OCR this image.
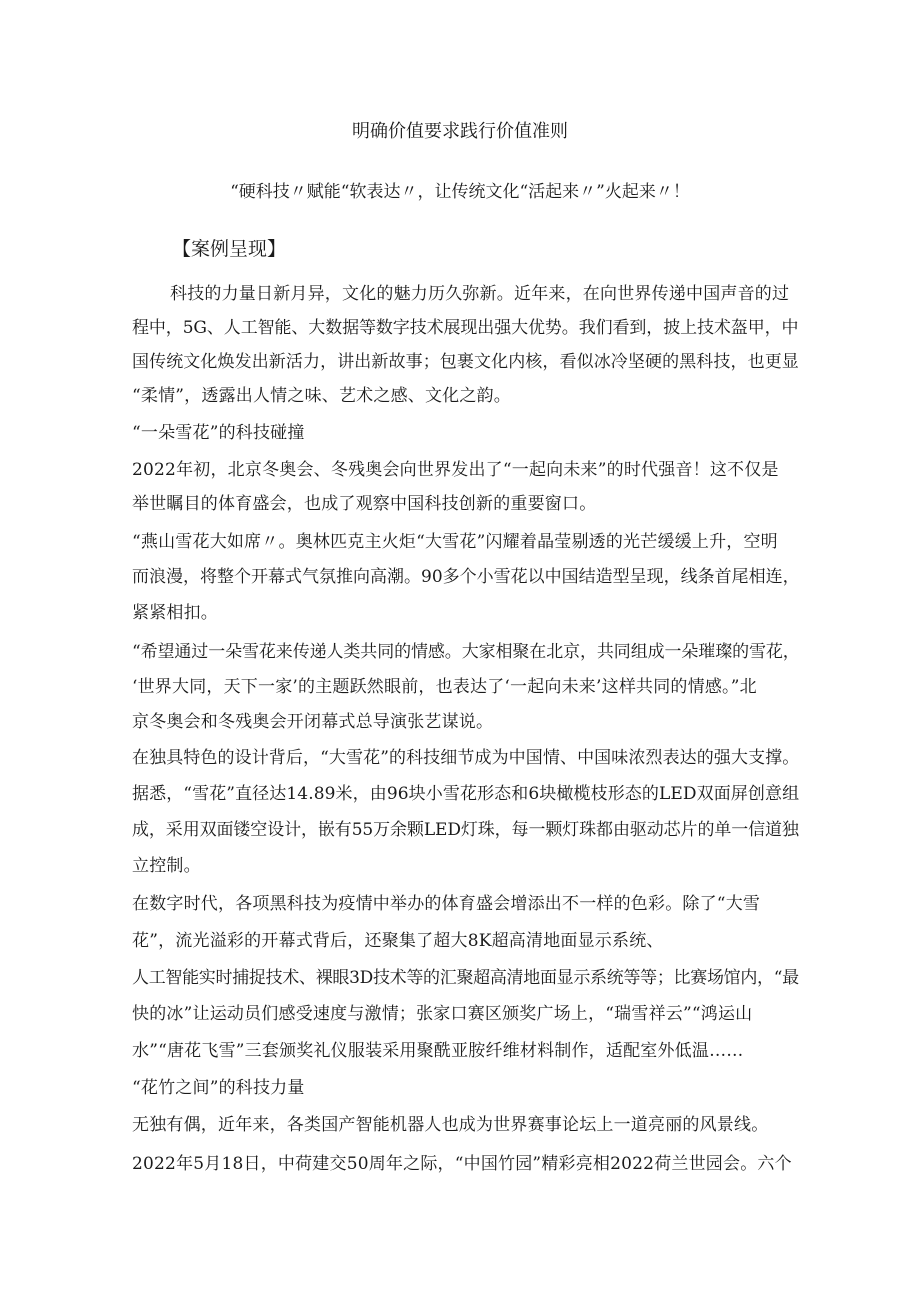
明确价值要求践行价值准则
“硬科技〃赋能“软表达〃，让传统文化“活起来〃”火起来〃！
【案例呈现】
科技的力量日新月异，文化的魅力历久弥新。近年来，在向世界传递中国声音的过
程中，5G、人工智能、大数据等数字技术展现出强大优势。我们看到，披上技术盔甲，中
国传统文化焕发出新活力，讲出新故事；包裹文化内核，看似冰冷坚硬的黑科技，也更显
“柔情”，透露出人情之味、艺术之感、文化之韵。
“一朵雪花”的科技碰撞
2022年初，北京冬奥会、冬残奥会向世界发出了“一起向未来”的时代强音！这不仅是
举世瞩目的体育盛会，也成了观察中国科技创新的重要窗口。
“燕山雪花大如席〃。奥林匹克主火炬“大雪花”闪耀着晶莹剔透的光芒缓缓上升，空明
而浪漫，将整个开幕式气氛推向高潮。90多个小雪花以中国结造型呈现，线条首尾相连，
紧紧相扣。
“希望通过一朵雪花来传递人类共同的情感。大家相聚在北京，共同组成一朵璀璨的雪花，
‘世界大同，天下一家’的主题跃然眼前，也表达了‘一起向未来’这样共同的情感。”北
京冬奥会和冬残奥会开闭幕式总导演张艺谋说。
在独具特色的设计背后，“大雪花”的科技细节成为中国情、中国味浓烈表达的强大支撑。
据悉，“雪花”直径达14.89米，由96块小雪花形态和6块橄榄枝形态的LED双面屏创意组
成，采用双面镂空设计，嵌有55万余颗LED灯珠，每一颗灯珠都由驱动芯片的单一信道独
立控制。
在数字时代，各项黑科技为疫情中举办的体育盛会增添出不一样的色彩。除了“大雪
花”，流光溢彩的开幕式背后，还聚集了超大8K超高清地面显示系统、
人工智能实时捕捉技术、裸眼3D技术等的汇聚超高清地面显示系统等等；比赛场馆内，“最
快的冰”让运动员们感受速度与激情；张家口赛区颁奖广场上，“瑞雪祥云”“鸿运山
水”“唐花飞雪”三套颁奖礼仪服装采用聚酰亚胺纤维材料制作，适配室外低温……
“花竹之间”的科技力量
无独有偶，近年来，各类国产智能机器人也成为世界赛事论坛上一道亮丽的风景线。
2022年5月18日，中荷建交50周年之际，“中国竹园”精彩亮相2022荷兰世园会。六个
